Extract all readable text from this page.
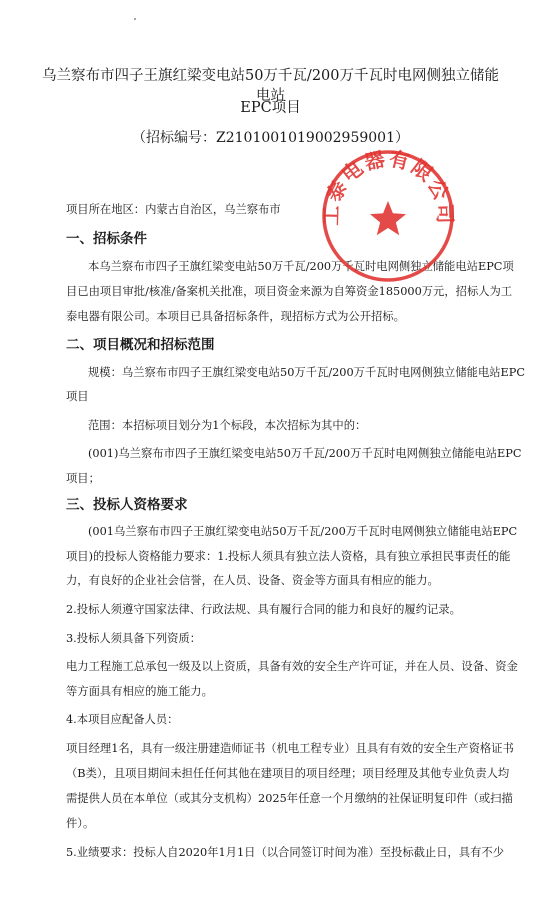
乌兰察布市四子王旗红梁变电站50万千瓦/200万千瓦时电网侧独立储能电站
EPC项目
（招标编号：Z2101001019002959001）
项目所在地区：内蒙古自治区，乌兰察布市
一、招标条件
本乌兰察布市四子王旗红梁变电站50万千瓦/200万千瓦时电网侧独立储能电站EPC项
目已由项目审批/核准/备案机关批准，项目资金来源为自筹资金185000万元，招标人为工
泰电器有限公司。本项目已具备招标条件，现招标方式为公开招标。
二、项目概况和招标范围
规模：乌兰察布市四子王旗红梁变电站50万千瓦/200万千瓦时电网侧独立储能电站EPC
项目
范围：本招标项目划分为1个标段，本次招标为其中的：
(001)乌兰察布市四子王旗红梁变电站50万千瓦/200万千瓦时电网侧独立储能电站EPC
项目；
三、投标人资格要求
(001乌兰察布市四子王旗红梁变电站50万千瓦/200万千瓦时电网侧独立储能电站EPC
项目)的投标人资格能力要求：1.投标人须具有独立法人资格，具有独立承担民事责任的能
力，有良好的企业社会信誉，在人员、设备、资金等方面具有相应的能力。
2.投标人须遵守国家法律、行政法规、具有履行合同的能力和良好的履约记录。
3.投标人须具备下列资质：
电力工程施工总承包一级及以上资质，具备有效的安全生产许可证，并在人员、设备、资金
等方面具有相应的施工能力。
4.本项目应配备人员：
项目经理1名，具有一级注册建造师证书（机电工程专业）且具有有效的安全生产资格证书
（B类），且项目期间未担任任何其他在建项目的项目经理；项目经理及其他专业负责人均
需提供人员在本单位（或其分支机构）2025年任意一个月缴纳的社保证明复印件（或扫描
件）。
5.业绩要求：投标人自2020年1月1日（以合同签订时间为准）至投标截止日，具有不少
工泰电器有限公司
